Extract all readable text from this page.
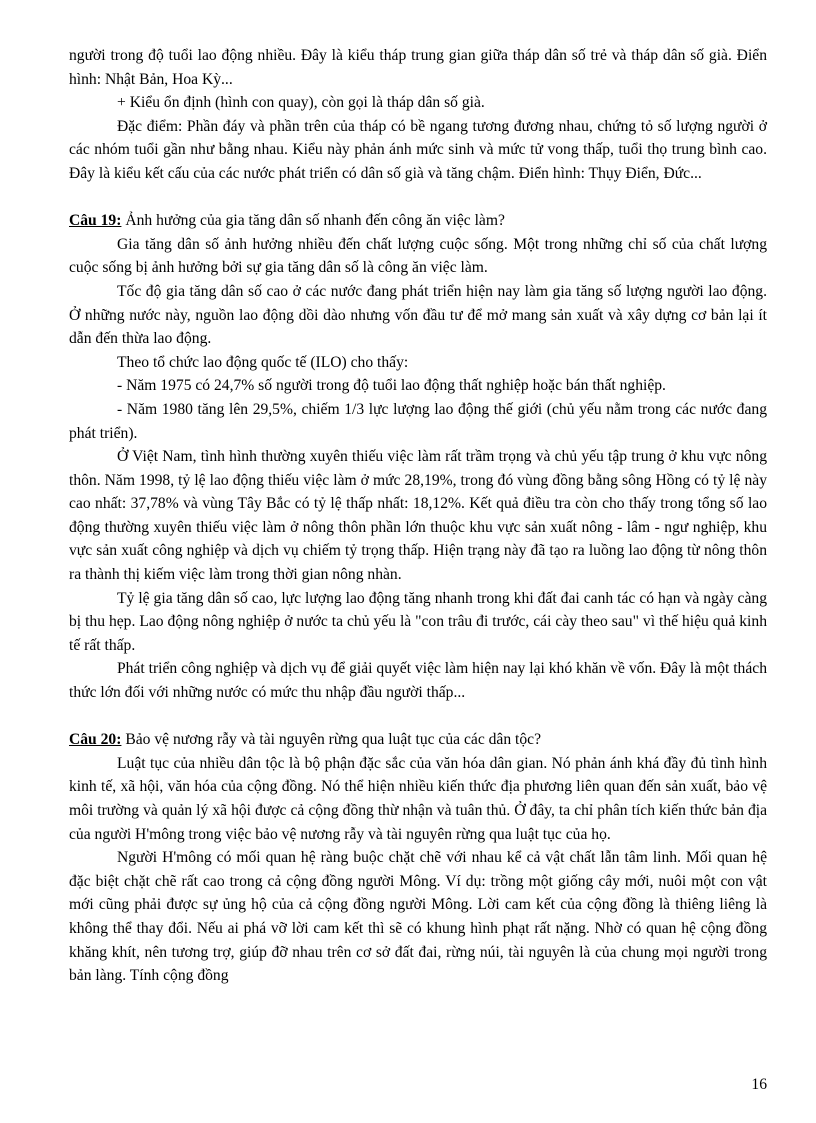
người trong độ tuổi lao động nhiều. Đây là kiểu tháp trung gian giữa tháp dân số trẻ và tháp dân số già. Điển hình: Nhật Bản, Hoa Kỳ...

+ Kiểu ổn định (hình con quay), còn gọi là tháp dân số già.

Đặc điểm: Phần đáy và phần trên của tháp có bề ngang tương đương nhau, chứng tỏ số lượng người ở các nhóm tuổi gần như bằng nhau. Kiểu này phản ánh mức sinh và mức tử vong thấp, tuổi thọ trung bình cao. Đây là kiểu kết cấu của các nước phát triển có dân số già và tăng chậm. Điển hình: Thụy Điển, Đức...

Câu 19: Ảnh hưởng của gia tăng dân số nhanh đến công ăn việc làm?

Gia tăng dân số ảnh hưởng nhiều đến chất lượng cuộc sống. Một trong những chỉ số của chất lượng cuộc sống bị ảnh hưởng bởi sự gia tăng dân số là công ăn việc làm.

Tốc độ gia tăng dân số cao ở các nước đang phát triển hiện nay làm gia tăng số lượng người lao động. Ở những nước này, nguồn lao động dồi dào nhưng vốn đầu tư để mở mang sản xuất và xây dựng cơ bản lại ít dẫn đến thừa lao động.

Theo tổ chức lao động quốc tế (ILO) cho thấy:

- Năm 1975 có 24,7% số người trong độ tuổi lao động thất nghiệp hoặc bán thất nghiệp.

- Năm 1980 tăng lên 29,5%, chiếm 1/3 lực lượng lao động thế giới (chủ yếu nằm trong các nước đang phát triển).

Ở Việt Nam, tình hình thường xuyên thiếu việc làm rất trầm trọng và chủ yếu tập trung ở khu vực nông thôn. Năm 1998, tỷ lệ lao động thiếu việc làm ở mức 28,19%, trong đó vùng đồng bằng sông Hồng có tỷ lệ này cao nhất: 37,78% và vùng Tây Bắc có tỷ lệ thấp nhất: 18,12%. Kết quả điều tra còn cho thấy trong tổng số lao động thường xuyên thiếu việc làm ở nông thôn phần lớn thuộc khu vực sản xuất nông - lâm - ngư nghiệp, khu vực sản xuất công nghiệp và dịch vụ chiếm tỷ trọng thấp. Hiện trạng này đã tạo ra luồng lao động từ nông thôn ra thành thị kiếm việc làm trong thời gian nông nhàn.

Tỷ lệ gia tăng dân số cao, lực lượng lao động tăng nhanh trong khi đất đai canh tác có hạn và ngày càng bị thu hẹp. Lao động nông nghiệp ở nước ta chủ yếu là "con trâu đi trước, cái cày theo sau" vì thế hiệu quả kinh tế rất thấp.

Phát triển công nghiệp và dịch vụ để giải quyết việc làm hiện nay lại khó khăn về vốn. Đây là một thách thức lớn đối với những nước có mức thu nhập đầu người thấp...

Câu 20: Bảo vệ nương rẫy và tài nguyên rừng qua luật tục của các dân tộc?

Luật tục của nhiều dân tộc là bộ phận đặc sắc của văn hóa dân gian. Nó phản ánh khá đầy đủ tình hình kinh tế, xã hội, văn hóa của cộng đồng. Nó thể hiện nhiều kiến thức địa phương liên quan đến sản xuất, bảo vệ môi trường và quản lý xã hội được cả cộng đồng thừ nhận và tuân thủ. Ở đây, ta chỉ phân tích kiến thức bản địa của người H'mông trong việc bảo vệ nương rẫy và tài nguyên rừng qua luật tục của họ.

Người H'mông có mối quan hệ ràng buộc chặt chẽ với nhau kể cả vật chất lẫn tâm linh. Mối quan hệ đặc biệt chặt chẽ rất cao trong cả cộng đồng người Mông. Ví dụ: trồng một giống cây mới, nuôi một con vật mới cũng phải được sự ủng hộ của cả cộng đồng người Mông. Lời cam kết của cộng đồng là thiêng liêng là không thể thay đổi. Nếu ai phá vỡ lời cam kết thì sẽ có khung hình phạt rất nặng. Nhờ có quan hệ cộng đồng khăng khít, nên tương trợ, giúp đỡ nhau trên cơ sở đất đai, rừng núi, tài nguyên là của chung mọi người trong bản làng. Tính cộng đồng

16
